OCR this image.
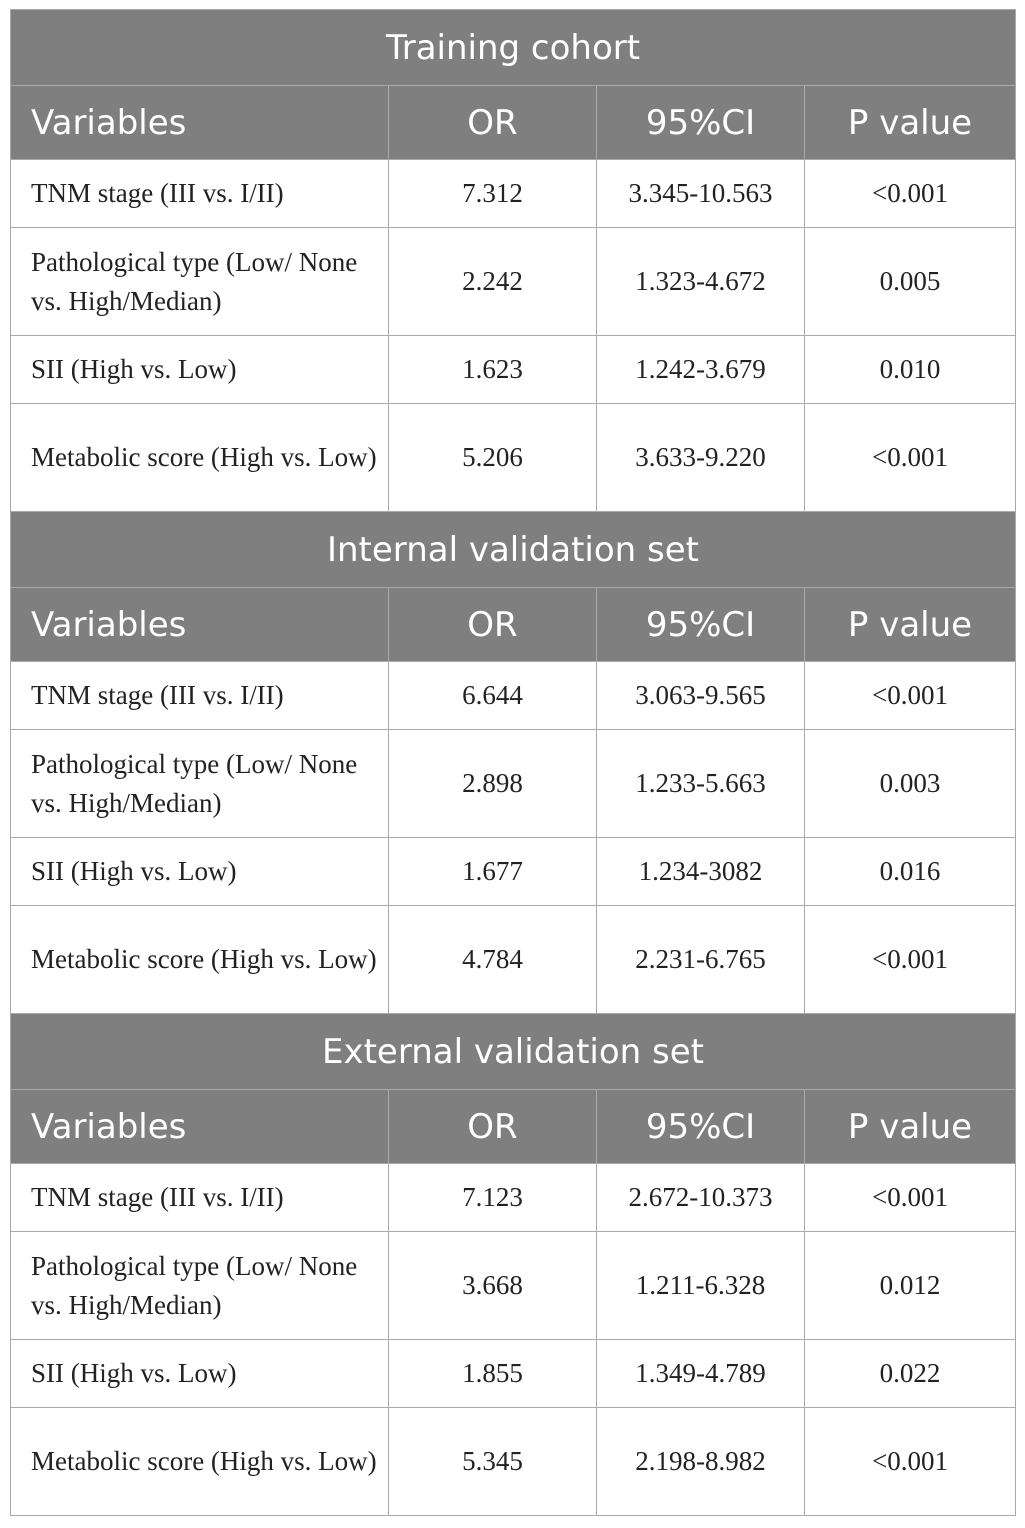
Training cohort			
Variables	OR	95%CI	P value
TNM stage (III vs. I/II)	7.312	3.345-10.563	<0.001
Pathological type (Low/ None vs. High/Median)	2.242	1.323-4.672	0.005
SII (High vs. Low)	1.623	1.242-3.679	0.010
Metabolic score (High vs. Low)	5.206	3.633-9.220	<0.001
Internal validation set			
Variables	OR	95%CI	P value
TNM stage (III vs. I/II)	6.644	3.063-9.565	<0.001
Pathological type (Low/ None vs. High/Median)	2.898	1.233-5.663	0.003
SII (High vs. Low)	1.677	1.234-3082	0.016
Metabolic score (High vs. Low)	4.784	2.231-6.765	<0.001
External validation set			
Variables	OR	95%CI	P value
TNM stage (III vs. I/II)	7.123	2.672-10.373	<0.001
Pathological type (Low/ None vs. High/Median)	3.668	1.211-6.328	0.012
SII (High vs. Low)	1.855	1.349-4.789	0.022
Metabolic score (High vs. Low)	5.345	2.198-8.982	<0.001
